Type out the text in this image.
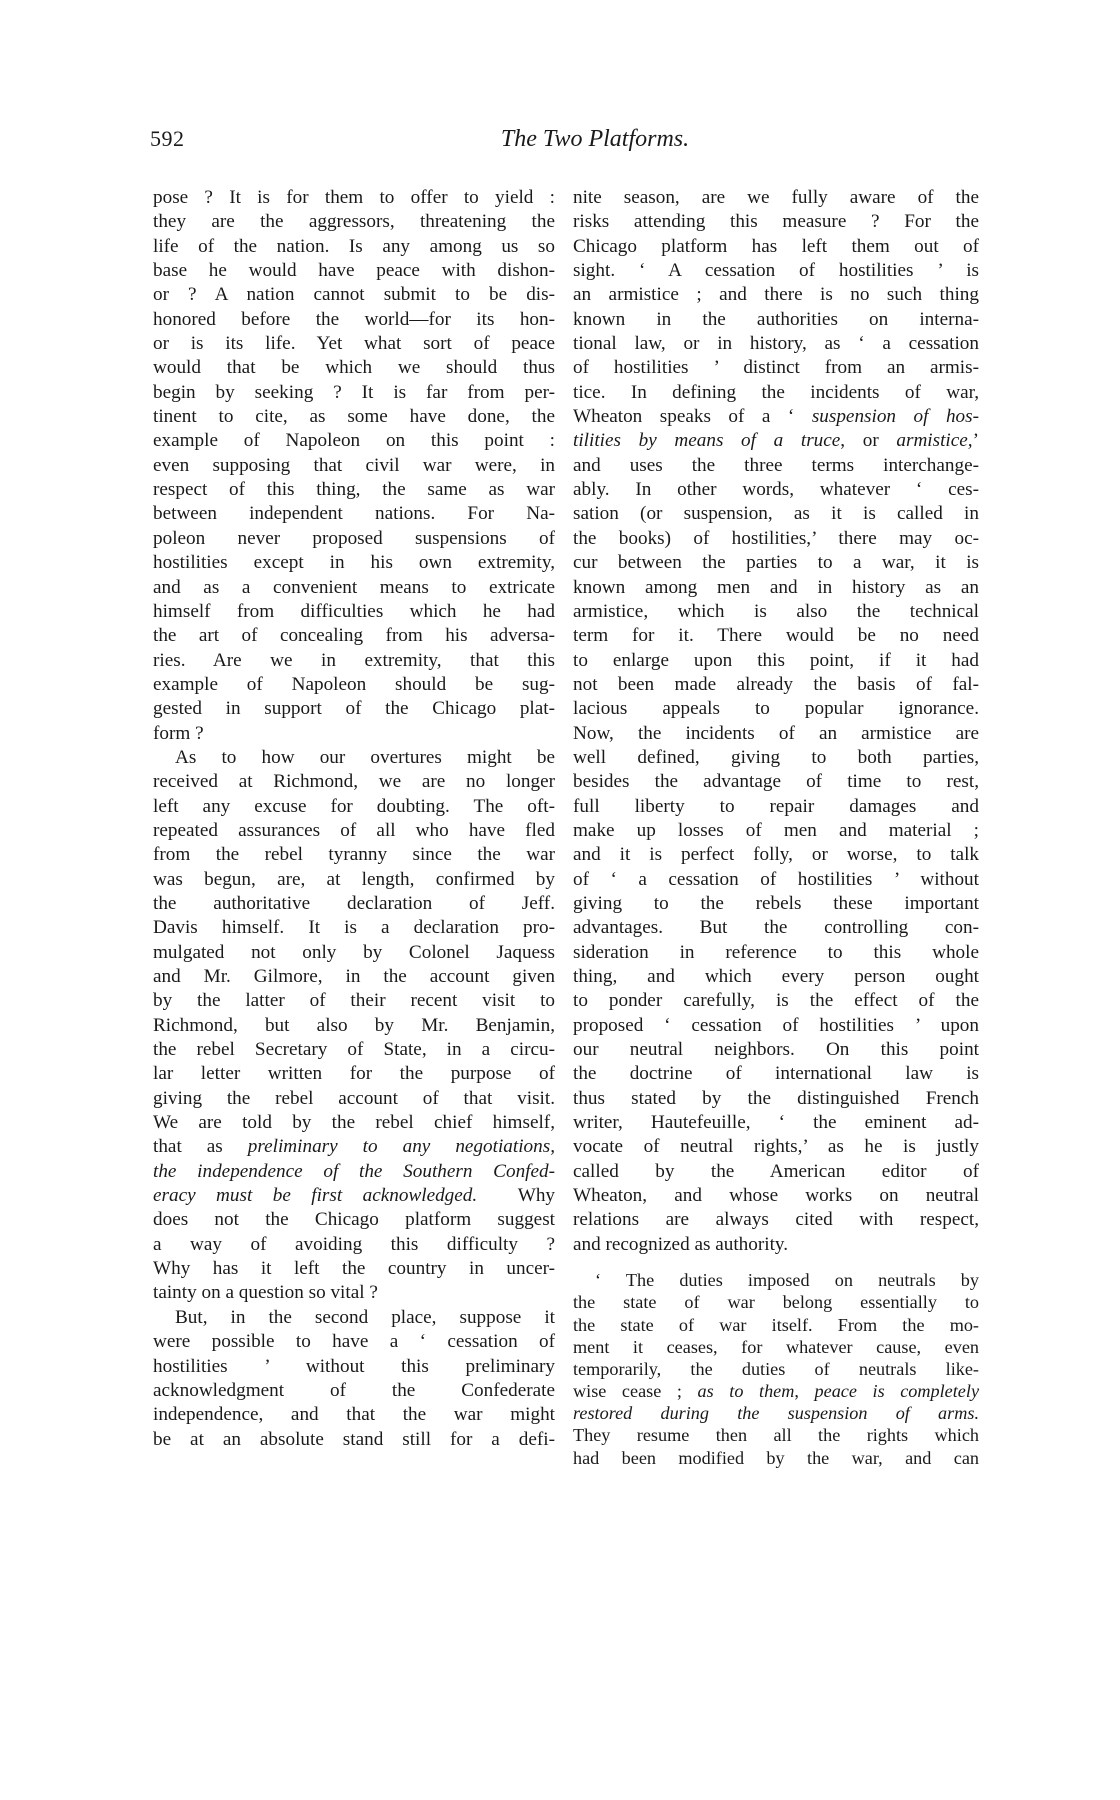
592	The Two Platforms.
pose ? It is for them to offer to yield :
they are the aggressors, threatening the
life of the nation. Is any among us so
base he would have peace with dishon-
or ? A nation cannot submit to be dis-
honored before the world—for its hon-
or is its life. Yet what sort of peace
would that be which we should thus
begin by seeking ? It is far from per-
tinent to cite, as some have done, the
example of Napoleon on this point :
even supposing that civil war were, in
respect of this thing, the same as war
between independent nations. For Na-
poleon never proposed suspensions of
hostilities except in his own extremity,
and as a convenient means to extricate
himself from difficulties which he had
the art of concealing from his adversa-
ries. Are we in extremity, that this
example of Napoleon should be sug-
gested in support of the Chicago plat-
form ?
As to how our overtures might be
received at Richmond, we are no longer
left any excuse for doubting. The oft-
repeated assurances of all who have fled
from the rebel tyranny since the war
was begun, are, at length, confirmed by
the authoritative declaration of Jeff.
Davis himself. It is a declaration pro-
mulgated not only by Colonel Jaquess
and Mr. Gilmore, in the account given
by the latter of their recent visit to
Richmond, but also by Mr. Benjamin,
the rebel Secretary of State, in a circu-
lar letter written for the purpose of
giving the rebel account of that visit.
We are told by the rebel chief himself,
that as preliminary to any negotiations,
the independence of the Southern Confed-
eracy must be first acknowledged.  Why
does not the Chicago platform suggest
a way of avoiding this difficulty ?
Why has it left the country in uncer-
tainty on a question so vital ?
But, in the second place, suppose it
were possible to have a ‘ cessation of
hostilities ’ without this preliminary
acknowledgment of the Confederate
independence, and that the war might
be at an absolute stand still for a defi-
nite season, are we fully aware of the
risks attending this measure ? For the
Chicago platform has left them out of
sight. ‘ A cessation of hostilities ’ is
an armistice ; and there is no such thing
known in the authorities on interna-
tional law, or in history, as ‘ a cessation
of hostilities ’ distinct from an armis-
tice. In defining the incidents of war,
Wheaton speaks of a ‘ suspension of hos-
tilities by means of a truce, or armistice,’
and uses the three terms interchange-
ably. In other words, whatever ‘ ces-
sation (or suspension, as it is called in
the books) of hostilities,’ there may oc-
cur between the parties to a war, it is
known among men and in history as an
armistice, which is also the technical
term for it. There would be no need
to enlarge upon this point, if it had
not been made already the basis of fal-
lacious appeals to popular ignorance.
Now, the incidents of an armistice are
well defined, giving to both parties,
besides the advantage of time to rest,
full liberty to repair damages and
make up losses of men and material ;
and it is perfect folly, or worse, to talk
of ‘ a cessation of hostilities ’ without
giving to the rebels these important
advantages. But the controlling con-
sideration in reference to this whole
thing, and which every person ought
to ponder carefully, is the effect of the
proposed ‘ cessation of hostilities ’ upon
our neutral neighbors. On this point
the doctrine of international law is
thus stated by the distinguished French
writer, Hautefeuille, ‘ the eminent ad-
vocate of neutral rights,’ as he is justly
called by the American editor of
Wheaton, and whose works on neutral
relations are always cited with respect,
and recognized as authority.
‘ The duties imposed on neutrals by
the state of war belong essentially to
the state of war itself. From the mo-
ment it ceases, for whatever cause, even
temporarily, the duties of neutrals like-
wise cease ; as to them, peace is completely
restored during the suspension of arms.
They resume then all the rights which
had been modified by the war, and can
